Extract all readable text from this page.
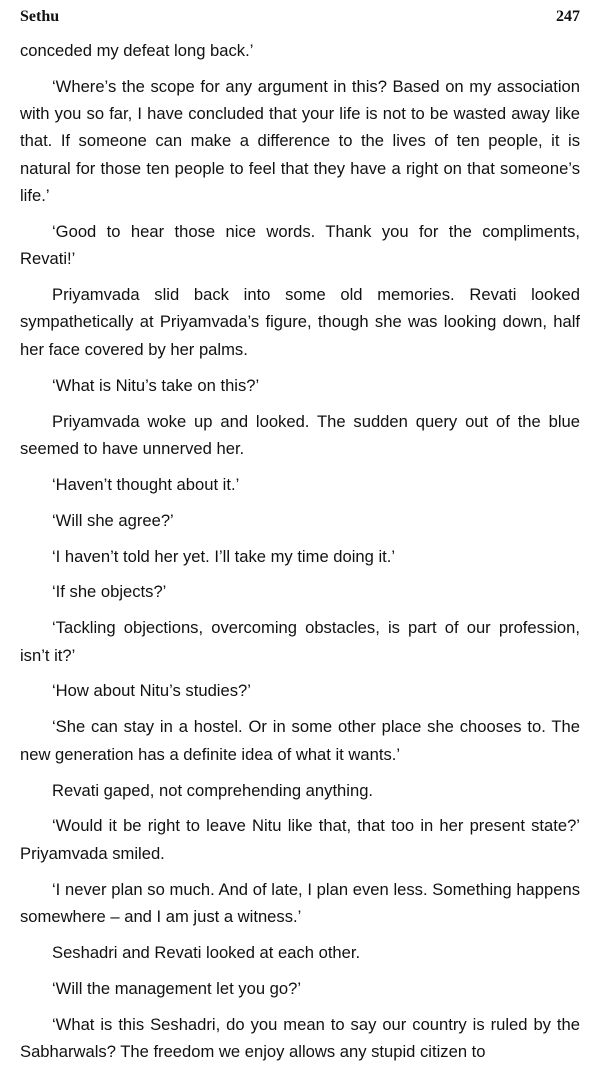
Sethu	247

conceded my defeat long back.’

‘Where’s the scope for any argument in this? Based on my association with you so far, I have concluded that your life is not to be wasted away like that. If someone can make a difference to the lives of ten people, it is natural for those ten people to feel that they have a right on that someone’s life.’

‘Good to hear those nice words. Thank you for the compliments, Revati!’

Priyamvada slid back into some old memories. Revati looked sympathetically at Priyamvada’s figure, though she was looking down, half her face covered by her palms.

‘What is Nitu’s take on this?’

Priyamvada woke up and looked. The sudden query out of the blue seemed to have unnerved her.

‘Haven’t thought about it.’

‘Will she agree?’

‘I haven’t told her yet. I’ll take my time doing it.’

‘If she objects?’

‘Tackling objections, overcoming obstacles, is part of our profession, isn’t it?’

‘How about Nitu’s studies?’

‘She can stay in a hostel. Or in some other place she chooses to. The new generation has a definite idea of what it wants.’

Revati gaped, not comprehending anything.

‘Would it be right to leave Nitu like that, that too in her present state?’ Priyamvada smiled.

‘I never plan so much. And of late, I plan even less. Something happens somewhere – and I am just a witness.’

Seshadri and Revati looked at each other.

‘Will the management let you go?’

‘What is this Seshadri, do you mean to say our country is ruled by the Sabharwals? The freedom we enjoy allows any stupid citizen to
